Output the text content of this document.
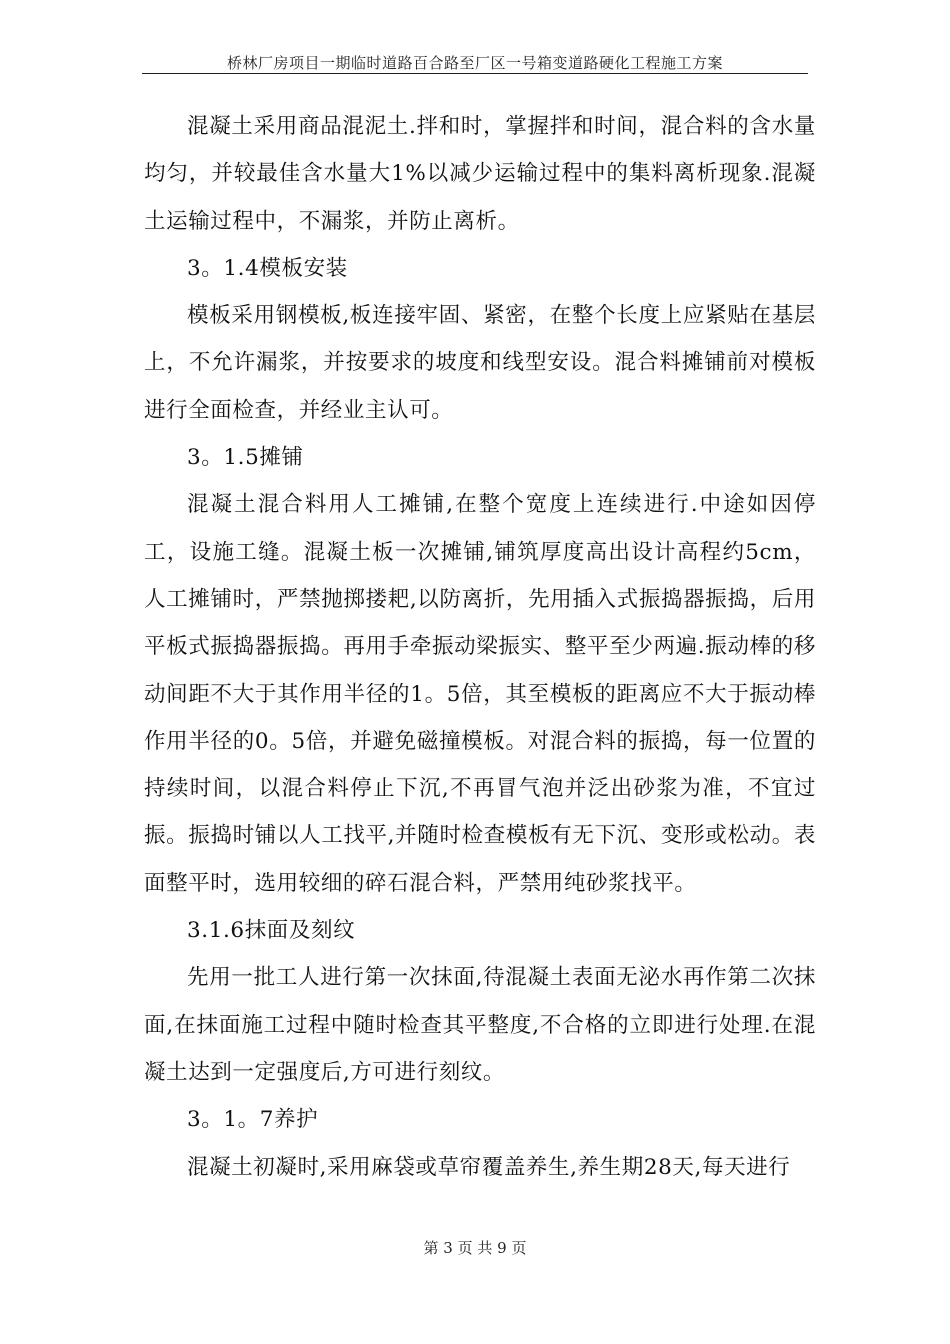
桥林厂房项目一期临时道路百合路至厂区一号箱变道路硬化工程施工方案

混凝土采用商品混泥土.拌和时，掌握拌和时间，混合料的含水量均匀，并较最佳含水量大1%以减少运输过程中的集料离析现象.混凝土运输过程中，不漏浆，并防止离析。

3。1.4模板安装

模板采用钢模板,板连接牢固、紧密，在整个长度上应紧贴在基层上，不允许漏浆，并按要求的坡度和线型安设。混合料摊铺前对模板进行全面检查，并经业主认可。

3。1.5摊铺

混凝土混合料用人工摊铺,在整个宽度上连续进行.中途如因停工，设施工缝。混凝土板一次摊铺,铺筑厚度高出设计高程约5cm，人工摊铺时，严禁抛掷搂耙,以防离折，先用插入式振捣器振捣，后用平板式振捣器振捣。再用手牵振动梁振实、整平至少两遍.振动棒的移动间距不大于其作用半径的1。5倍，其至模板的距离应不大于振动棒作用半径的0。5倍，并避免磁撞模板。对混合料的振捣，每一位置的持续时间，以混合料停止下沉,不再冒气泡并泛出砂浆为准，不宜过振。振捣时铺以人工找平,并随时检查模板有无下沉、变形或松动。表面整平时，选用较细的碎石混合料，严禁用纯砂浆找平。

3.1.6抹面及刻纹

先用一批工人进行第一次抹面,待混凝土表面无泌水再作第二次抹面,在抹面施工过程中随时检查其平整度,不合格的立即进行处理.在混凝土达到一定强度后,方可进行刻纹。

3。1。7养护

混凝土初凝时,采用麻袋或草帘覆盖养生,养生期28天,每天进行

第 3 页 共 9 页
